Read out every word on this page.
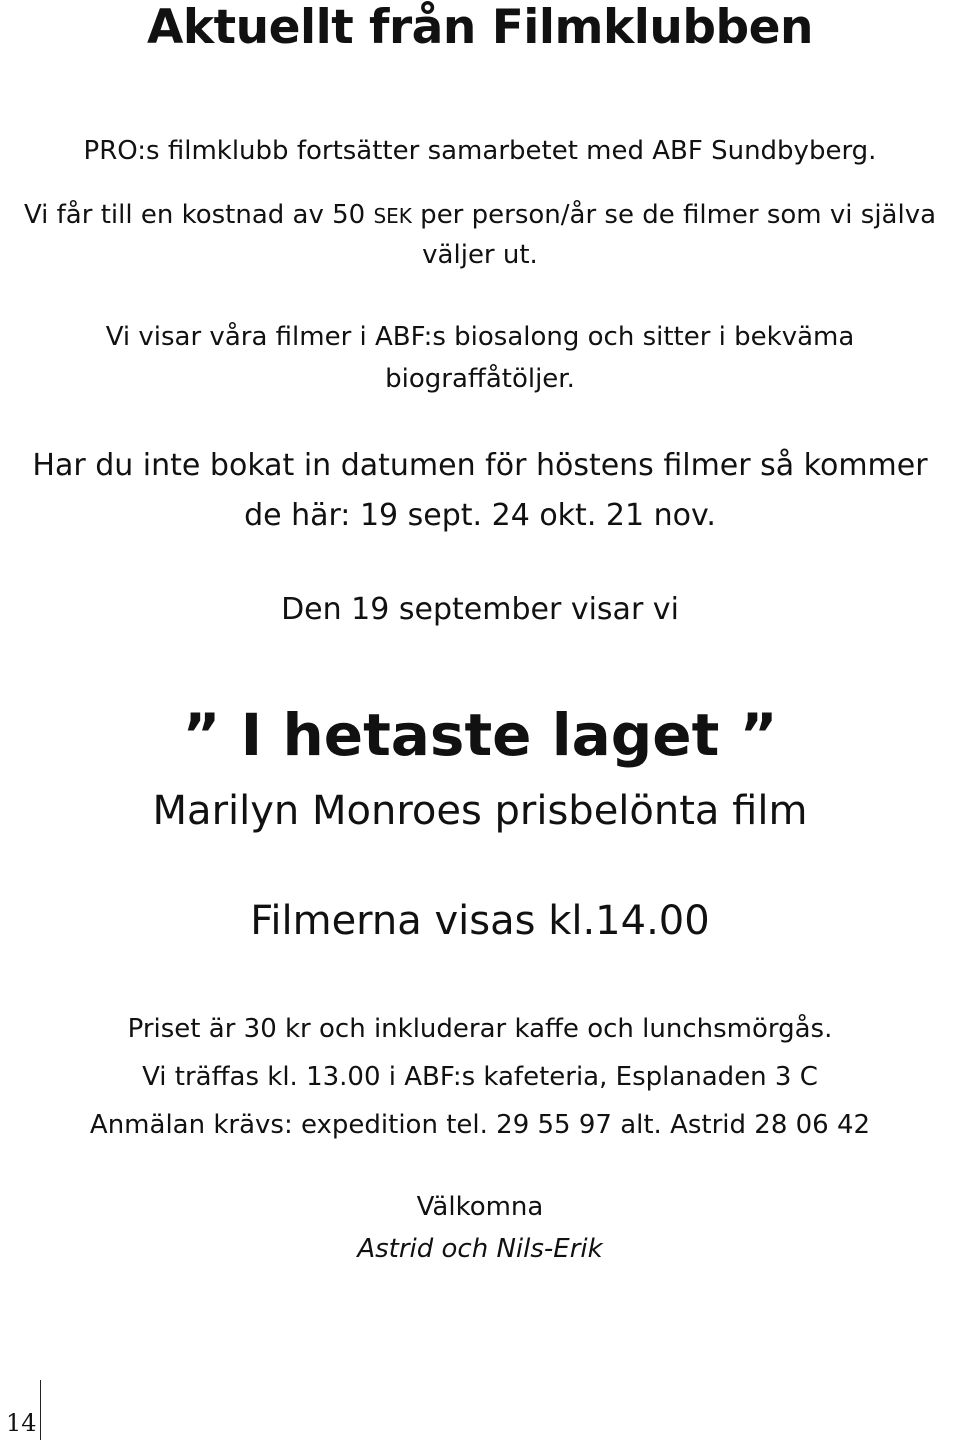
Aktuellt från Filmklubben
PRO:s filmklubb fortsätter samarbetet med ABF Sundbyberg.
Vi får till en kostnad av 50 SEK per person/år se de filmer som vi själva
väljer ut.
Vi visar våra filmer i ABF:s biosalong och sitter i bekväma
biograffåtöljer.
Har du inte bokat in datumen för höstens filmer så kommer
de här: 19 sept. 24 okt. 21 nov.
Den 19 september visar vi
” I hetaste laget ”
Marilyn Monroes prisbelönta film
Filmerna visas kl.14.00
Priset är 30 kr och inkluderar kaffe och lunchsmörgås.
Vi träffas kl. 13.00 i ABF:s kafeteria, Esplanaden 3 C
Anmälan krävs: expedition tel. 29 55 97 alt. Astrid 28 06 42
Välkomna
Astrid och Nils-Erik
14
